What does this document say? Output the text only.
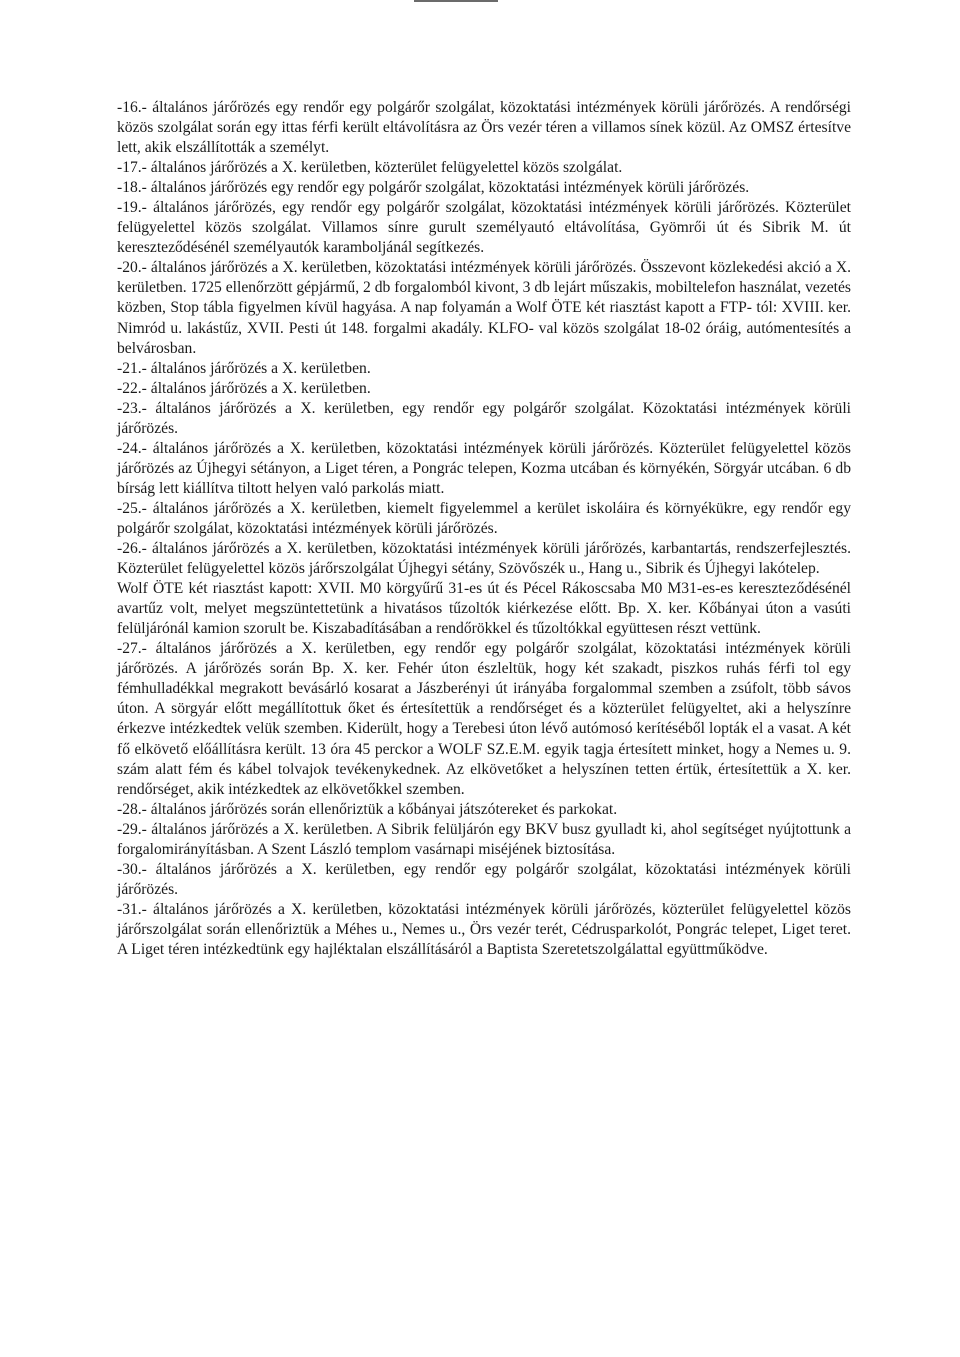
-16.- általános járőrözés egy rendőr egy polgárőr szolgálat, közoktatási intézmények körüli járőrözés. A rendőrségi közös szolgálat során egy ittas férfi került eltávolításra az Örs vezér téren a villamos sínek közül. Az OMSZ értesítve lett, akik elszállították a személyt.

-17.- általános járőrözés a X. kerületben, közterület felügyelettel közös szolgálat.

-18.- általános járőrözés egy rendőr egy polgárőr szolgálat, közoktatási intézmények körüli járőrözés.

-19.- általános járőrözés, egy rendőr egy polgárőr szolgálat, közoktatási intézmények körüli járőrözés. Közterület felügyelettel közös szolgálat. Villamos sínre gurult személyautó eltávolítása, Gyömrői út és Sibrik M. út kereszteződésénél személyautók karamboljánál segítkezés.

-20.- általános járőrözés a X. kerületben, közoktatási intézmények körüli járőrözés. Összevont közlekedési akció a X. kerületben. 1725 ellenőrzött gépjármű, 2 db forgalomból kivont, 3 db lejárt műszakis, mobiltelefon használat, vezetés közben, Stop tábla figyelmen kívül hagyása. A nap folyamán a Wolf ÖTE két riasztást kapott a FTP- tól: XVIII. ker. Nimród u. lakástűz, XVII. Pesti út 148. forgalmi akadály. KLFO- val közös szolgálat 18-02 óráig, autómentesítés a belvárosban.

-21.- általános járőrözés a X. kerületben.

-22.- általános járőrözés a X. kerületben.

-23.- általános járőrözés a X. kerületben, egy rendőr egy polgárőr szolgálat. Közoktatási intézmények körüli járőrözés.

-24.- általános járőrözés a X. kerületben, közoktatási intézmények körüli járőrözés. Közterület felügyelettel közös járőrözés az Újhegyi sétányon, a Liget téren, a Pongrác telepen, Kozma utcában és környékén, Sörgyár utcában. 6 db bírság lett kiállítva tiltott helyen való parkolás miatt.

-25.- általános járőrözés a X. kerületben, kiemelt figyelemmel a kerület iskoláira és környékükre, egy rendőr egy polgárőr szolgálat, közoktatási intézmények körüli járőrözés.

-26.- általános járőrözés a X. kerületben, közoktatási intézmények körüli járőrözés, karbantartás, rendszerfejlesztés. Közterület felügyelettel közös járőrszolgálat Újhegyi sétány, Szövőszék u., Hang u., Sibrik és Újhegyi lakótelep.

Wolf ÖTE két riasztást kapott: XVII. M0 körgyűrű 31-es út és Pécel Rákoscsaba M0 M31-es-es kereszteződésénél avartűz volt, melyet megszüntettetünk a hivatásos tűzoltók kiérkezése előtt. Bp. X. ker. Kőbányai úton a vasúti felüljárónál kamion szorult be. Kiszabadításában a rendőrökkel és tűzoltókkal együttesen részt vettünk.

-27.- általános járőrözés a X. kerületben, egy rendőr egy polgárőr szolgálat, közoktatási intézmények körüli járőrözés. A járőrözés során Bp. X. ker. Fehér úton észleltük, hogy két szakadt, piszkos ruhás férfi tol egy fémhulladékkal megrakott bevásárló kosarat a Jászberényi út irányába forgalommal szemben a zsúfolt, több sávos úton. A sörgyár előtt megállítottuk őket és értesítettük a rendőrséget és a közterület felügyeltet, aki a helyszínre érkezve intézkedtek velük szemben. Kiderült, hogy a Terebesi úton lévő autómosó kerítéséből lopták el a vasat. A két fő elkövető előállításra került. 13 óra 45 perckor a WOLF SZ.E.M. egyik tagja értesített minket, hogy a Nemes u. 9. szám alatt fém és kábel tolvajok tevékenykednek. Az elkövetőket a helyszínen tetten értük, értesítettük a X. ker. rendőrséget, akik intézkedtek az elkövetőkkel szemben.

-28.- általános járőrözés során ellenőriztük a kőbányai játszótereket és parkokat.

-29.- általános járőrözés a X. kerületben. A Sibrik felüljárón egy BKV busz gyulladt ki, ahol segítséget nyújtottunk a forgalomirányításban. A Szent László templom vasárnapi miséjének biztosítása.

-30.- általános járőrözés a X. kerületben, egy rendőr egy polgárőr szolgálat, közoktatási intézmények körüli járőrözés.

-31.- általános járőrözés a X. kerületben, közoktatási intézmények körüli járőrözés, közterület felügyelettel közös járőrszolgálat során ellenőriztük a Méhes u., Nemes u., Örs vezér terét, Cédrusparkolót, Pongrác telepet, Liget teret. A Liget téren intézkedtünk egy hajléktalan elszállításáról a Baptista Szeretetszolgálattal együttműködve.
